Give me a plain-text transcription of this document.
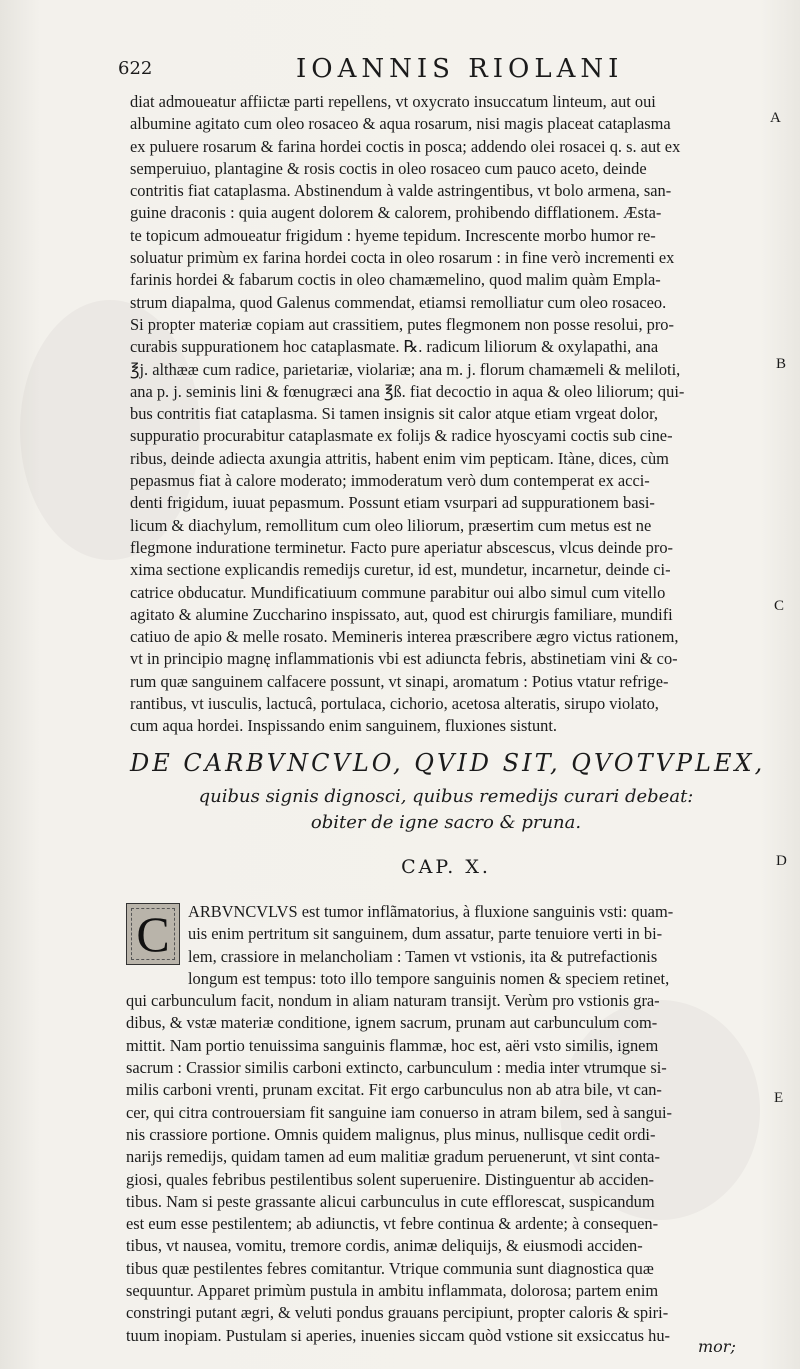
622	IOANNIS RIOLANI
A
B
C
D
E
diat admoueatur affiictæ parti repellens, vt oxycrato insuccatum linteum, aut oui
albumine agitato cum oleo rosaceo & aqua rosarum, nisi magis placeat cataplasma
ex puluere rosarum & farina hordei coctis in posca; addendo olei rosacei q. s. aut ex
semperuiuo, plantagine & rosis coctis in oleo rosaceo cum pauco aceto, deinde
contritis fiat cataplasma. Abstinendum à valde astringentibus, vt bolo armena, san-
guine draconis : quia augent dolorem & calorem, prohibendo difflationem. Æsta-
te topicum admoueatur frigidum : hyeme tepidum. Increscente morbo humor re-
soluatur primùm ex farina hordei cocta in oleo rosarum : in fine verò incrementi ex
farinis hordei & fabarum coctis in oleo chamæmelino, quod malim quàm Empla-
strum diapalma, quod Galenus commendat, etiamsi remolliatur cum oleo rosaceo.
Si propter materiæ copiam aut crassitiem, putes flegmonem non posse resolui, pro-
curabis suppurationem hoc cataplasmate. ℞. radicum liliorum & oxylapathi, ana
℥j. althææ cum radice, parietariæ, violariæ; ana m. j. florum chamæmeli & meliloti,
ana p. j. seminis lini & fœnugræci ana ℥ß. fiat decoctio in aqua & oleo liliorum; qui-
bus contritis fiat cataplasma. Si tamen insignis sit calor atque etiam vrgeat dolor,
suppuratio procurabitur cataplasmate ex folijs & radice hyoscyami coctis sub cine-
ribus, deinde adiecta axungia attritis, habent enim vim pepticam. Itàne, dices, cùm
pepasmus fiat à calore moderato; immoderatum verò dum contemperat ex acci-
denti frigidum, iuuat pepasmum. Possunt etiam vsurpari ad suppurationem basi-
licum & diachylum, remollitum cum oleo liliorum, præsertim cum metus est ne
flegmone induratione terminetur. Facto pure aperiatur abscescus, vlcus deinde pro-
xima sectione explicandis remedijs curetur, id est, mundetur, incarnetur, deinde ci-
catrice obducatur. Mundificatiuum commune parabitur oui albo simul cum vitello
agitato & alumine Zuccharino inspissato, aut, quod est chirurgis familiare, mundifi
catiuo de apio & melle rosato. Memineris interea præscribere ægro victus rationem,
vt in principio magnę inflammationis vbi est adiuncta febris, abstinetiam vini & co-
rum quæ sanguinem calfacere possunt, vt sinapi, aromatum : Potius vtatur refrige-
rantibus, vt iusculis, lactucâ, portulaca, cichorio, acetosa alteratis, sirupo violato,
cum aqua hordei. Inspissando enim sanguinem, fluxiones sistunt.
DE CARBVNCVLO, QVID SIT, QVOTVPLEX,
quibus signis dignosci, quibus remedijs curari debeat:
obiter de igne sacro & pruna.
CAP. X.
C	ARBVNCVLVS est tumor inflãmatorius, à fluxione sanguinis vsti: quam-
uis enim pertritum sit sanguinem, dum assatur, parte tenuiore verti in bi-
lem, crassiore in melancholiam : Tamen vt vstionis, ita & putrefactionis
longum est tempus: toto illo tempore sanguinis nomen & speciem retinet,
qui carbunculum facit, nondum in aliam naturam transijt. Verùm pro vstionis gra-
dibus, & vstæ materiæ conditione, ignem sacrum, prunam aut carbunculum com-
mittit. Nam portio tenuissima sanguinis flammæ, hoc est, aëri vsto similis, ignem
sacrum : Crassior similis carboni extincto, carbunculum : media inter vtrumque si-
milis carboni vrenti, prunam excitat. Fit ergo carbunculus non ab atra bile, vt can-
cer, qui citra controuersiam fit sanguine iam conuerso in atram bilem, sed à sangui-
nis crassiore portione. Omnis quidem malignus, plus minus, nullisque cedit ordi-
narijs remedijs, quidam tamen ad eum malitiæ gradum peruenerunt, vt sint conta-
giosi, quales febribus pestilentibus solent superuenire. Distinguentur ab acciden-
tibus. Nam si peste grassante alicui carbunculus in cute efflorescat, suspicandum
est eum esse pestilentem; ab adiunctis, vt febre continua & ardente; à consequen-
tibus, vt nausea, vomitu, tremore cordis, animæ deliquijs, & eiusmodi acciden-
tibus quæ pestilentes febres comitantur. Vtrique communia sunt diagnostica quæ
sequuntur. Apparet primùm pustula in ambitu inflammata, dolorosa; partem enim
constringi putant ægri, & veluti pondus grauans percipiunt, propter caloris & spiri-
tuum inopiam. Pustulam si aperies, inuenies siccam quòd vstione sit exsiccatus hu-
mor;
